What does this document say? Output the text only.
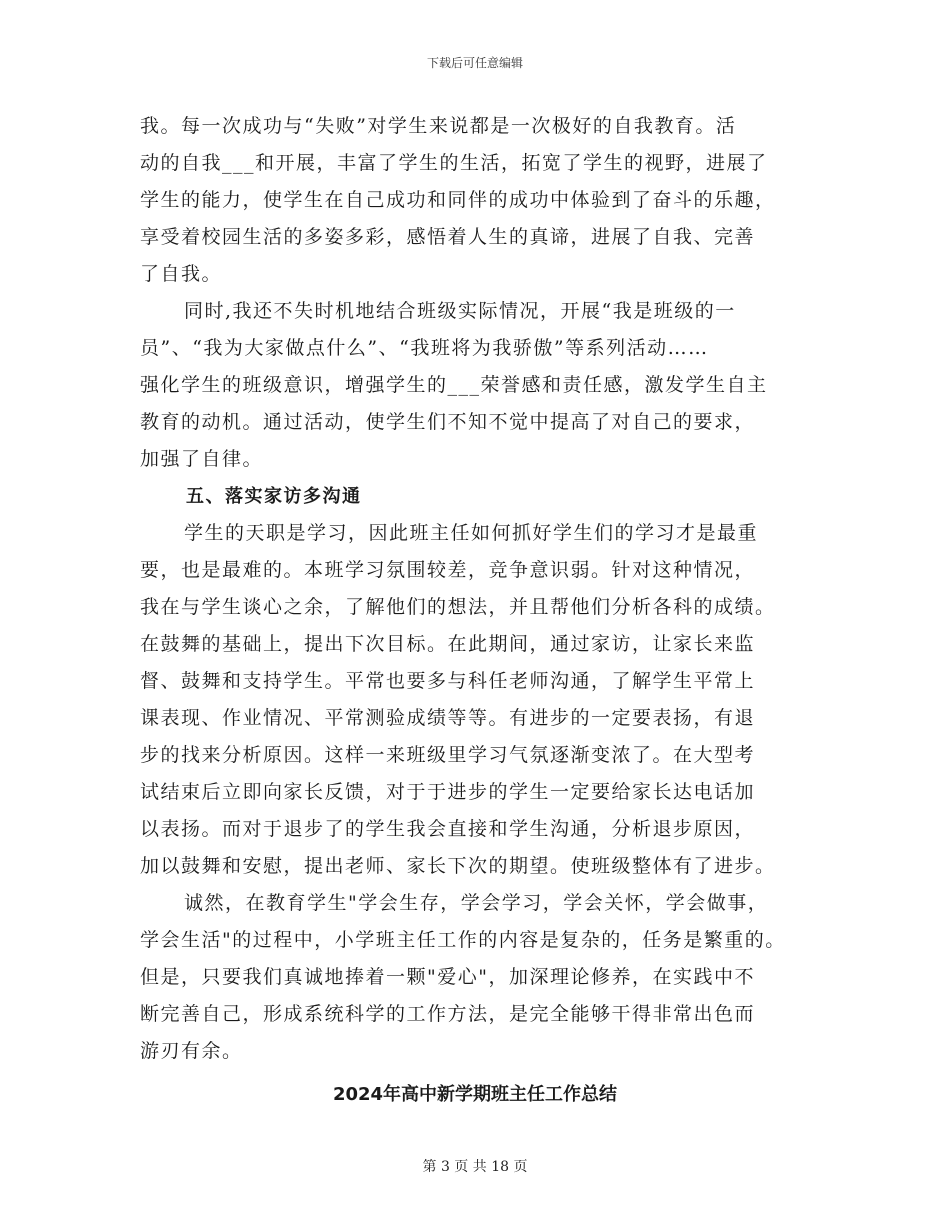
下载后可任意编辑
我。每一次成功与“失败”对学生来说都是一次极好的自我教育。活
动的自我___和开展，丰富了学生的生活，拓宽了学生的视野，进展了
学生的能力，使学生在自己成功和同伴的成功中体验到了奋斗的乐趣，
享受着校园生活的多姿多彩，感悟着人生的真谛，进展了自我、完善
了自我。
同时,我还不失时机地结合班级实际情况，开展“我是班级的一
员”、“我为大家做点什么”、“我班将为我骄傲”等系列活动……
强化学生的班级意识，增强学生的___荣誉感和责任感，激发学生自主
教育的动机。通过活动，使学生们不知不觉中提高了对自己的要求，
加强了自律。
五、落实家访多沟通
学生的天职是学习，因此班主任如何抓好学生们的学习才是最重
要，也是最难的。本班学习氛围较差，竞争意识弱。针对这种情况，
我在与学生谈心之余，了解他们的想法，并且帮他们分析各科的成绩。
在鼓舞的基础上，提出下次目标。在此期间，通过家访，让家长来监
督、鼓舞和支持学生。平常也要多与科任老师沟通，了解学生平常上
课表现、作业情况、平常测验成绩等等。有进步的一定要表扬，有退
步的找来分析原因。这样一来班级里学习气氛逐渐变浓了。在大型考
试结束后立即向家长反馈，对于于进步的学生一定要给家长达电话加
以表扬。而对于退步了的学生我会直接和学生沟通，分析退步原因，
加以鼓舞和安慰，提出老师、家长下次的期望。使班级整体有了进步。
诚然，在教育学生"学会生存，学会学习，学会关怀，学会做事，
学会生活"的过程中，小学班主任工作的内容是复杂的，任务是繁重的。
但是，只要我们真诚地捧着一颗"爱心"，加深理论修养，在实践中不
断完善自己，形成系统科学的工作方法，是完全能够干得非常出色而
游刃有余。
2024年高中新学期班主任工作总结
第 3 页 共 18 页
